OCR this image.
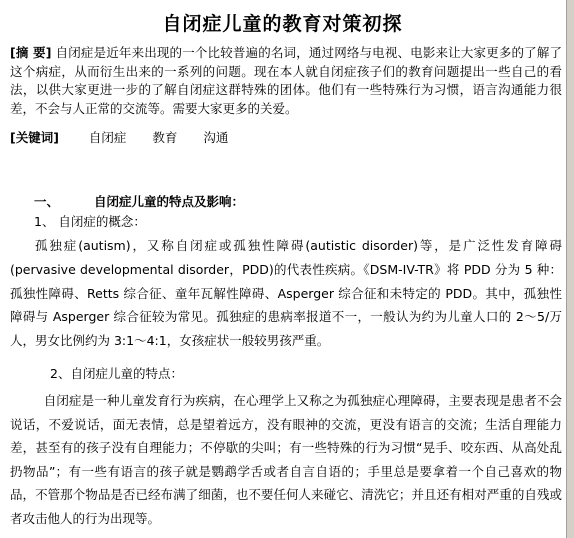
自闭症儿童的教育对策初探
[摘 要] 自闭症是近年来出现的一个比较普遍的名词，通过网络与电视、电影来让大家更多的了解了这个病症，从而衍生出来的一系列的问题。现在本人就自闭症孩子们的教育问题提出一些自己的看法，以供大家更进一步的了解自闭症这群特殊的团体。他们有一些特殊行为习惯，语言沟通能力很差，不会与人正常的交流等。需要大家更多的关爱。
[关键词] 自闭症 教育 沟通
一、	自闭症儿童的特点及影响：
1、 自闭症的概念：
孤独症(autism)，又称自闭症或孤独性障碍(autistic disorder)等，是广泛性发育障碍(pervasive developmental disorder，PDD)的代表性疾病。《DSM-IV-TR》将 PDD 分为 5 种：孤独性障碍、Retts 综合征、童年瓦解性障碍、Asperger 综合征和未特定的 PDD。其中，孤独性障碍与 Asperger 综合征较为常见。孤独症的患病率报道不一，一般认为约为儿童人口的 2～5/万人，男女比例约为 3:1～4:1，女孩症状一般较男孩严重。
2、自闭症儿童的特点：
自闭症是一种儿童发育行为疾病，在心理学上又称之为孤独症心理障碍，主要表现是患者不会说话，不爱说话，面无表情，总是望着远方，没有眼神的交流，更没有语言的交流；生活自理能力差，甚至有的孩子没有自理能力；不停歇的尖叫；有一些特殊的行为习惯“晃手、咬东西、从高处乱扔物品”；有一些有语言的孩子就是鹦鹉学舌或者自言自语的；手里总是要拿着一个自己喜欢的物品，不管那个物品是否已经布满了细菌，也不要任何人来碰它、清洗它；并且还有相对严重的自残或者攻击他人的行为出现等。
